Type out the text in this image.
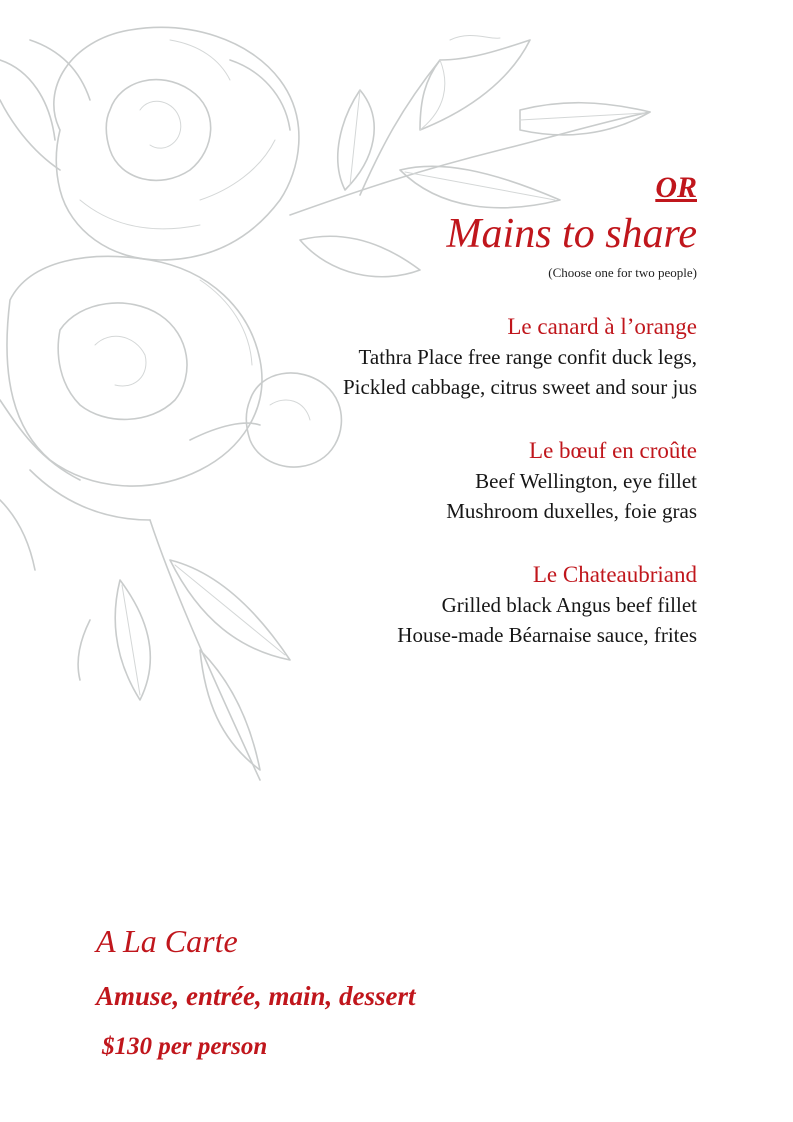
OR
Mains to share
(Choose one for two people)
Le canard à l’orange
Tathra Place free range confit duck legs,
Pickled cabbage, citrus sweet and sour jus
Le bœuf en croûte
Beef Wellington, eye fillet
Mushroom duxelles, foie gras
Le Chateaubriand
Grilled black Angus beef fillet
House-made Béarnaise sauce, frites
A La Carte
Amuse, entrée, main, dessert
$130 per person
